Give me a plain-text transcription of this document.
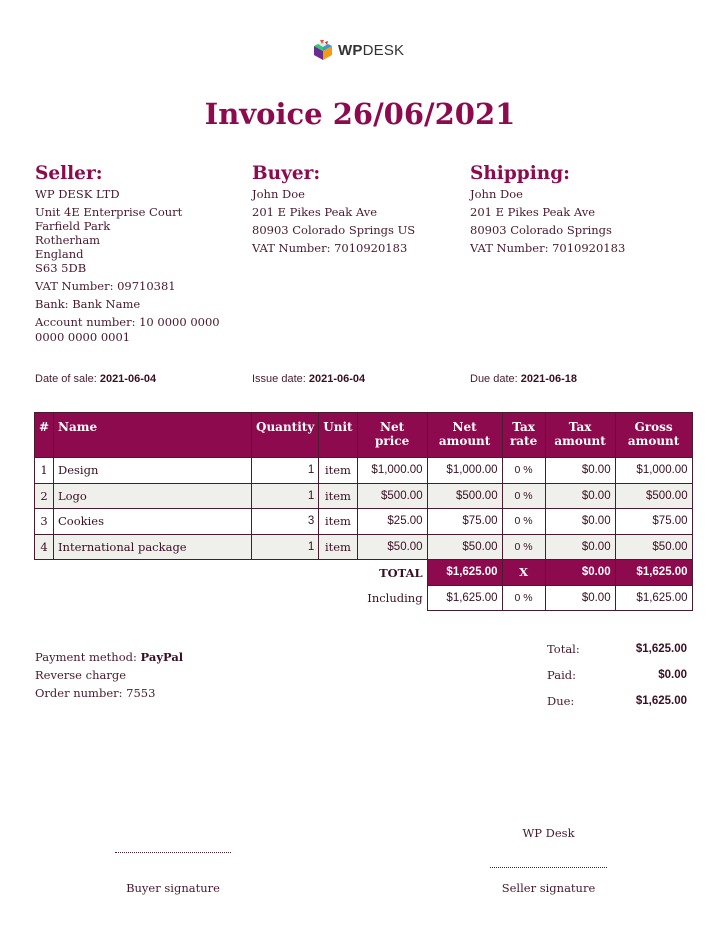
WPDESK
Invoice 26/06/2021
Seller:
WP DESK LTD
Unit 4E Enterprise Court
Farfield Park
Rotherham
England
S63 5DB
VAT Number: 09710381
Bank: Bank Name
Account number: 10 0000 0000 0000 0000 0001
Buyer:
John Doe
201 E Pikes Peak Ave
80903 Colorado Springs US
VAT Number: 7010920183
Shipping:
John Doe
201 E Pikes Peak Ave
80903 Colorado Springs
VAT Number: 7010920183
Date of sale: 2021-06-04	Issue date: 2021-06-04	Due date: 2021-06-18
#	Name	Quantity	Unit	Net price	Net amount	Tax rate	Tax amount	Gross amount
1	Design	1	item	$1,000.00	$1,000.00	0 %	$0.00	$1,000.00
2	Logo	1	item	$500.00	$500.00	0 %	$0.00	$500.00
3	Cookies	3	item	$25.00	$75.00	0 %	$0.00	$75.00
4	International package	1	item	$50.00	$50.00	0 %	$0.00	$50.00
				TOTAL	$1,625.00	X	$0.00	$1,625.00
				Including	$1,625.00	0 %	$0.00	$1,625.00
Payment method: PayPal
Reverse charge
Order number: 7553
Total:	$1,625.00
Paid:	$0.00
Due:	$1,625.00
WP Desk
Buyer signature	Seller signature
